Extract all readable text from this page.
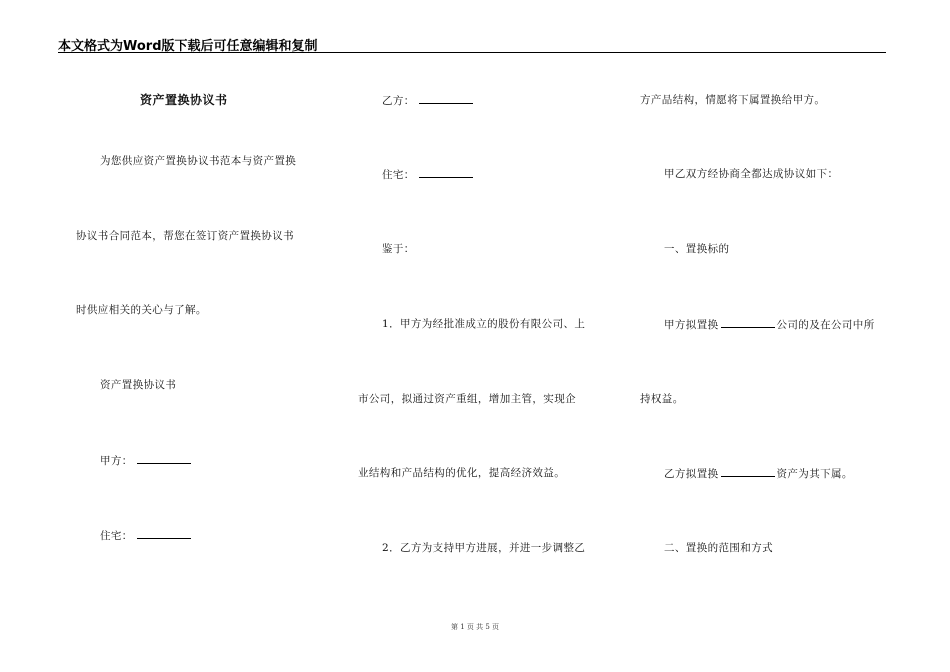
本文格式为Word版下载后可任意编辑和复制
资产置换协议书
为您供应资产置换协议书范本与资产置换
协议书合同范本，帮您在签订资产置换协议书
时供应相关的关心与了解。
资产置换协议书
甲方：
住宅：
乙方：
住宅：
鉴于：
1．甲方为经批准成立的股份有限公司、上
市公司，拟通过资产重组，增加主管，实现企
业结构和产品结构的优化，提高经济效益。
2．乙方为支持甲方进展，并进一步调整乙
方产品结构，情愿将下属置换给甲方。
甲乙双方经协商全都达成协议如下：
一、置换标的
甲方拟置换	公司的及在公司中所
持权益。
乙方拟置换	资产为其下属。
二、置换的范围和方式
第 1 页 共 5 页
